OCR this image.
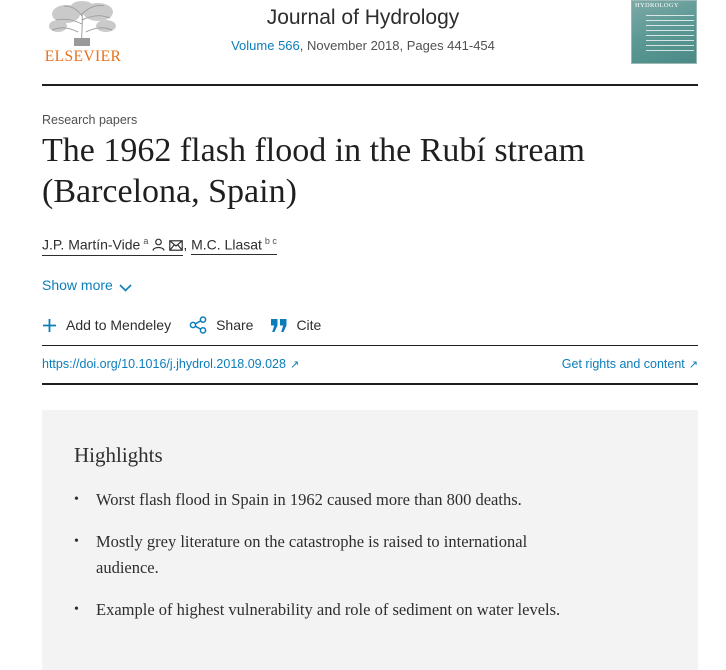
ELSEVIER
Journal of Hydrology
Volume 566, November 2018, Pages 441-454
HYDROLOGY
Research papers
The 1962 flash flood in the Rubí stream (Barcelona, Spain)
J.P. Martín-Vide $^a$	, M.C. Llasat $^{b c}$
Show more
Add to Mendeley	Share	Cite
https://doi.org/10.1016/j.jhydrol.2018.09.028 ↗	Get rights and content ↗
Highlights
• Worst flash flood in Spain in 1962 caused more than 800 deaths.
• Mostly grey literature on the catastrophe is raised to international audience.
• Example of highest vulnerability and role of sediment on water levels.
